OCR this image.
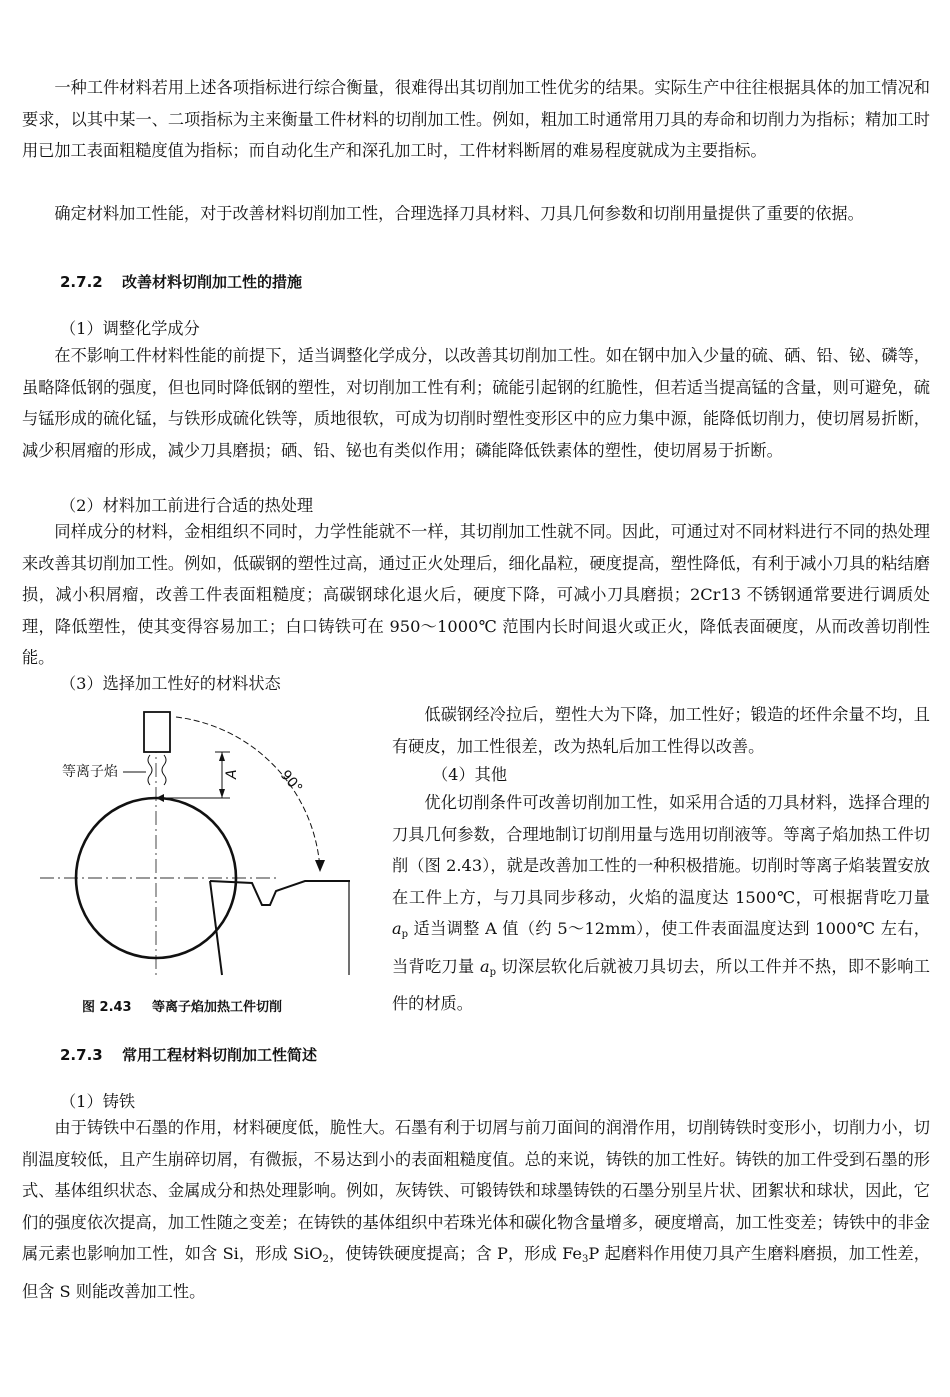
一种工件材料若用上述各项指标进行综合衡量，很难得出其切削加工性优劣的结果。实际生产中往往根据具体的加工情况和要求，以其中某一、二项指标为主来衡量工件材料的切削加工性。例如，粗加工时通常用刀具的寿命和切削力为指标；精加工时用已加工表面粗糙度值为指标；而自动化生产和深孔加工时，工件材料断屑的难易程度就成为主要指标。

确定材料加工性能，对于改善材料切削加工性，合理选择刀具材料、刀具几何参数和切削用量提供了重要的依据。

2.7.2 改善材料切削加工性的措施

（1）调整化学成分

在不影响工件材料性能的前提下，适当调整化学成分，以改善其切削加工性。如在钢中加入少量的硫、硒、铅、铋、磷等，虽略降低钢的强度，但也同时降低钢的塑性，对切削加工性有利；硫能引起钢的红脆性，但若适当提高锰的含量，则可避免，硫与锰形成的硫化锰，与铁形成硫化铁等，质地很软，可成为切削时塑性变形区中的应力集中源，能降低切削力，使切屑易折断，减少积屑瘤的形成，减少刀具磨损；硒、铅、铋也有类似作用；磷能降低铁素体的塑性，使切屑易于折断。

（2）材料加工前进行合适的热处理

同样成分的材料，金相组织不同时，力学性能就不一样，其切削加工性就不同。因此，可通过对不同材料进行不同的热处理来改善其切削加工性。例如，低碳钢的塑性过高，通过正火处理后，细化晶粒，硬度提高，塑性降低，有利于减小刀具的粘结磨损，减小积屑瘤，改善工件表面粗糙度；高碳钢球化退火后，硬度下降，可减小刀具磨损；2Cr13 不锈钢通常要进行调质处理，降低塑性，使其变得容易加工；白口铸铁可在 950～1000℃ 范围内长时间退火或正火，降低表面硬度，从而改善切削性能。

（3）选择加工性好的材料状态

低碳钢经冷拉后，塑性大为下降，加工性好；锻造的坯件余量不均，且有硬皮，加工性很差，改为热轧后加工性得以改善。

（4）其他

优化切削条件可改善切削加工性，如采用合适的刀具材料，选择合理的刀具几何参数，合理地制订切削用量与选用切削液等。等离子焰加热工件切削（图 2.43），就是改善加工性的一种积极措施。切削时等离子焰装置安放在工件上方，与刀具同步移动，火焰的温度达 1500℃，可根据背吃刀量 $a_p$ 适当调整 A 值（约 5～12mm），使工件表面温度达到 1000℃ 左右，当背吃刀量 $a_p$ 切深层软化后就被刀具切去，所以工件并不热，即不影响工件的材质。

等离子焰	A	90°

图 2.43 等离子焰加热工件切削

2.7.3 常用工程材料切削加工性简述

（1）铸铁

由于铸铁中石墨的作用，材料硬度低，脆性大。石墨有利于切屑与前刀面间的润滑作用，切削铸铁时变形小，切削力小，切削温度较低，且产生崩碎切屑，有微振，不易达到小的表面粗糙度值。总的来说，铸铁的加工性好。铸铁的加工件受到石墨的形式、基体组织状态、金属成分和热处理影响。例如，灰铸铁、可锻铸铁和球墨铸铁的石墨分别呈片状、团絮状和球状，因此，它们的强度依次提高，加工性随之变差；在铸铁的基体组织中若珠光体和碳化物含量增多，硬度增高，加工性变差；铸铁中的非金属元素也影响加工性，如含 Si，形成 SiO$_2$，使铸铁硬度提高；含 P，形成 $Fe_3P$ 起磨料作用使刀具产生磨料磨损，加工性差，但含 S 则能改善加工性。
